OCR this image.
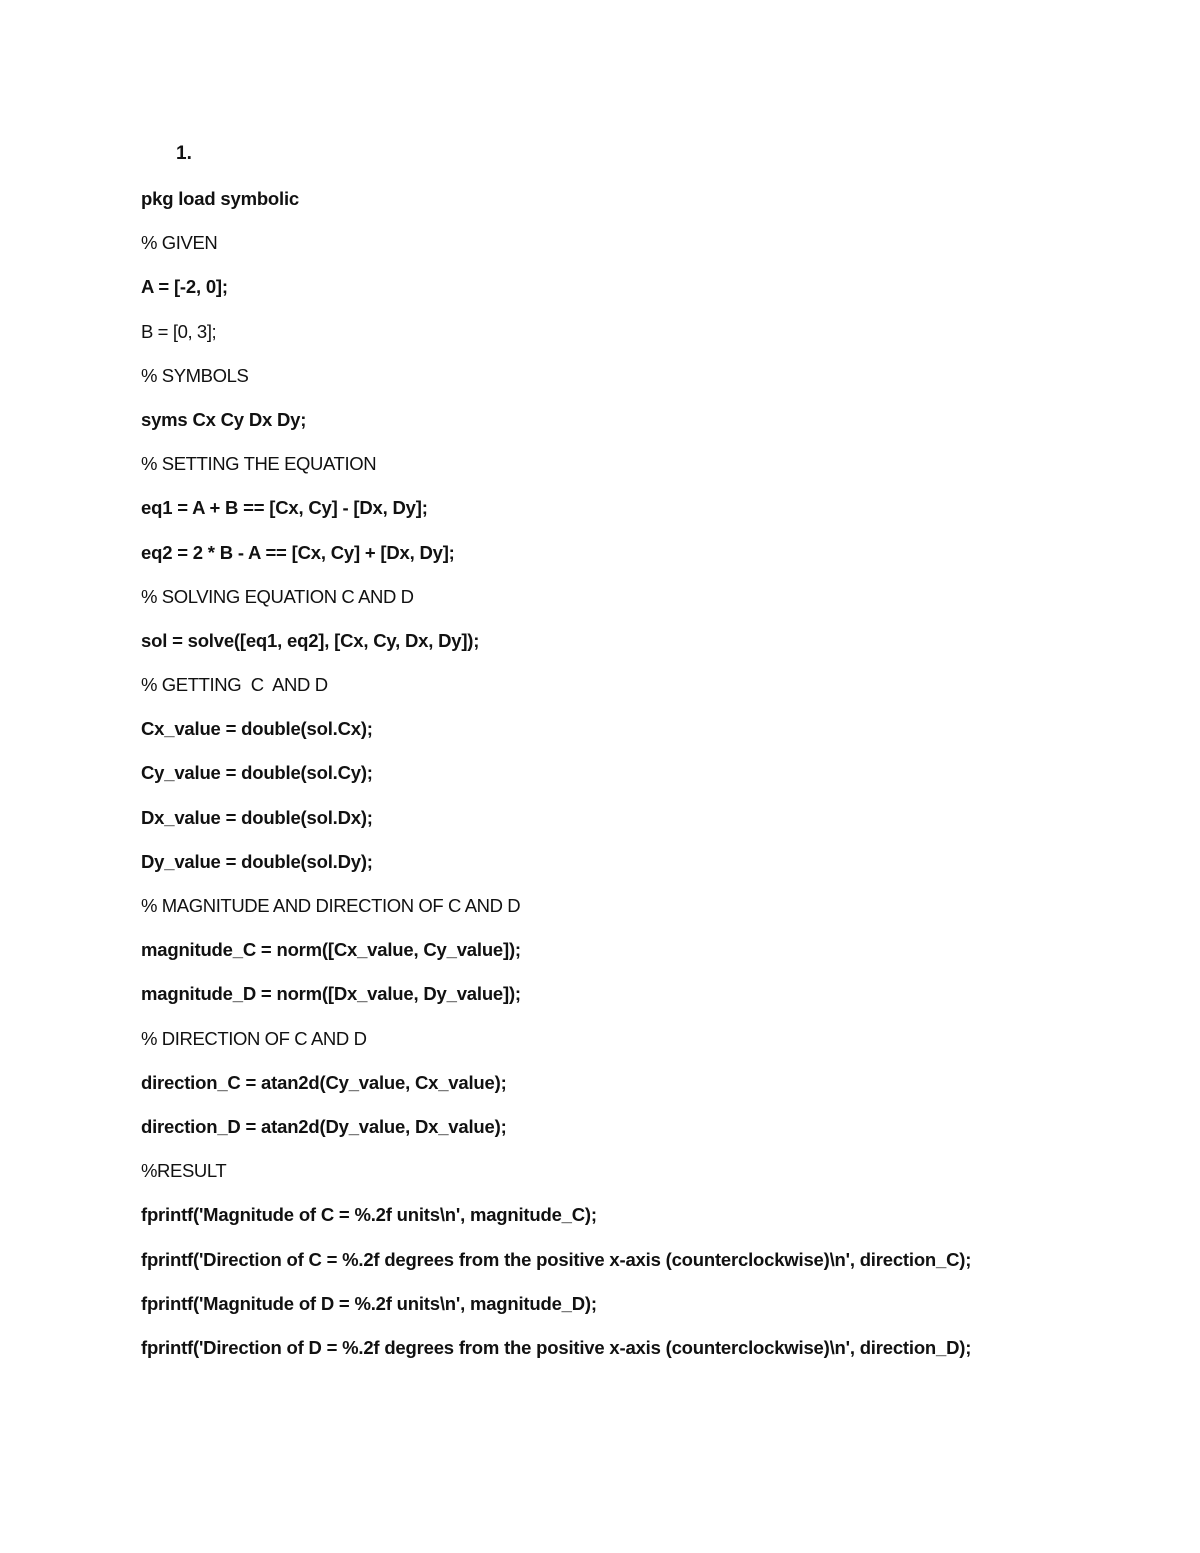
1.
pkg load symbolic
% GIVEN
A = [-2, 0];
B = [0, 3];
% SYMBOLS
syms Cx Cy Dx Dy;
% SETTING THE EQUATION
eq1 = A + B == [Cx, Cy] - [Dx, Dy];
eq2 = 2 * B - A == [Cx, Cy] + [Dx, Dy];
% SOLVING EQUATION C AND D
sol = solve([eq1, eq2], [Cx, Cy, Dx, Dy]);
% GETTING  C  AND D
Cx_value = double(sol.Cx);
Cy_value = double(sol.Cy);
Dx_value = double(sol.Dx);
Dy_value = double(sol.Dy);
% MAGNITUDE AND DIRECTION OF C AND D
magnitude_C = norm([Cx_value, Cy_value]);
magnitude_D = norm([Dx_value, Dy_value]);
% DIRECTION OF C AND D
direction_C = atan2d(Cy_value, Cx_value);
direction_D = atan2d(Dy_value, Dx_value);
%RESULT
fprintf('Magnitude of C = %.2f units\n', magnitude_C);
fprintf('Direction of C = %.2f degrees from the positive x-axis (counterclockwise)\n', direction_C);
fprintf('Magnitude of D = %.2f units\n', magnitude_D);
fprintf('Direction of D = %.2f degrees from the positive x-axis (counterclockwise)\n', direction_D);
